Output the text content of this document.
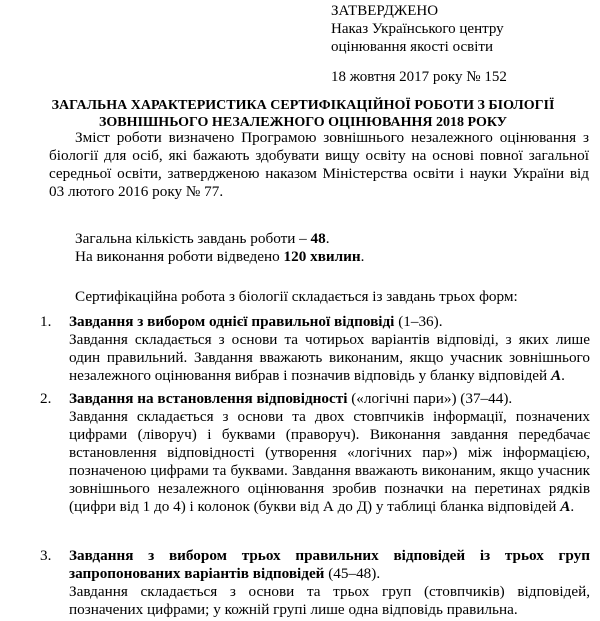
ЗАТВЕРДЖЕНО
Наказ Українського центру
оцінювання якості освіти
18 жовтня 2017 року № 152
ЗАГАЛЬНА ХАРАКТЕРИСТИКА СЕРТИФІКАЦІЙНОЇ РОБОТИ З БІОЛОГІЇ
ЗОВНІШНЬОГО НЕЗАЛЕЖНОГО ОЦІНЮВАННЯ 2018 РОКУ
Зміст роботи визначено Програмою зовнішнього незалежного оцінювання з біології для осіб, які бажають здобувати вищу освіту на основі повної загальної середньої освіти, затвердженою наказом Міністерства освіти і науки України від 03 лютого 2016 року № 77.
Загальна кількість завдань роботи – 48.
На виконання роботи відведено 120 хвилин.
Сертифікаційна робота з біології складається із завдань трьох форм:
1. Завдання з вибором однієї правильної відповіді (1–36).
Завдання складається з основи та чотирьох варіантів відповіді, з яких лише один правильний. Завдання вважають виконаним, якщо учасник зовнішнього незалежного оцінювання вибрав і позначив відповідь у бланку відповідей А.
2. Завдання на встановлення відповідності («логічні пари») (37–44).
Завдання складається з основи та двох стовпчиків інформації, позначених цифрами (ліворуч) і буквами (праворуч). Виконання завдання передбачає встановлення відповідності (утворення «логічних пар») між інформацією, позначеною цифрами та буквами. Завдання вважають виконаним, якщо учасник зовнішнього незалежного оцінювання зробив позначки на перетинах рядків (цифри від 1 до 4) і колонок (букви від А до Д) у таблиці бланка відповідей А.
3. Завдання з вибором трьох правильних відповідей із трьох груп
запропонованих варіантів відповідей (45–48).
Завдання складається з основи та трьох груп (стовпчиків) відповідей, позначених цифрами; у кожній групі лише одна відповідь правильна.
